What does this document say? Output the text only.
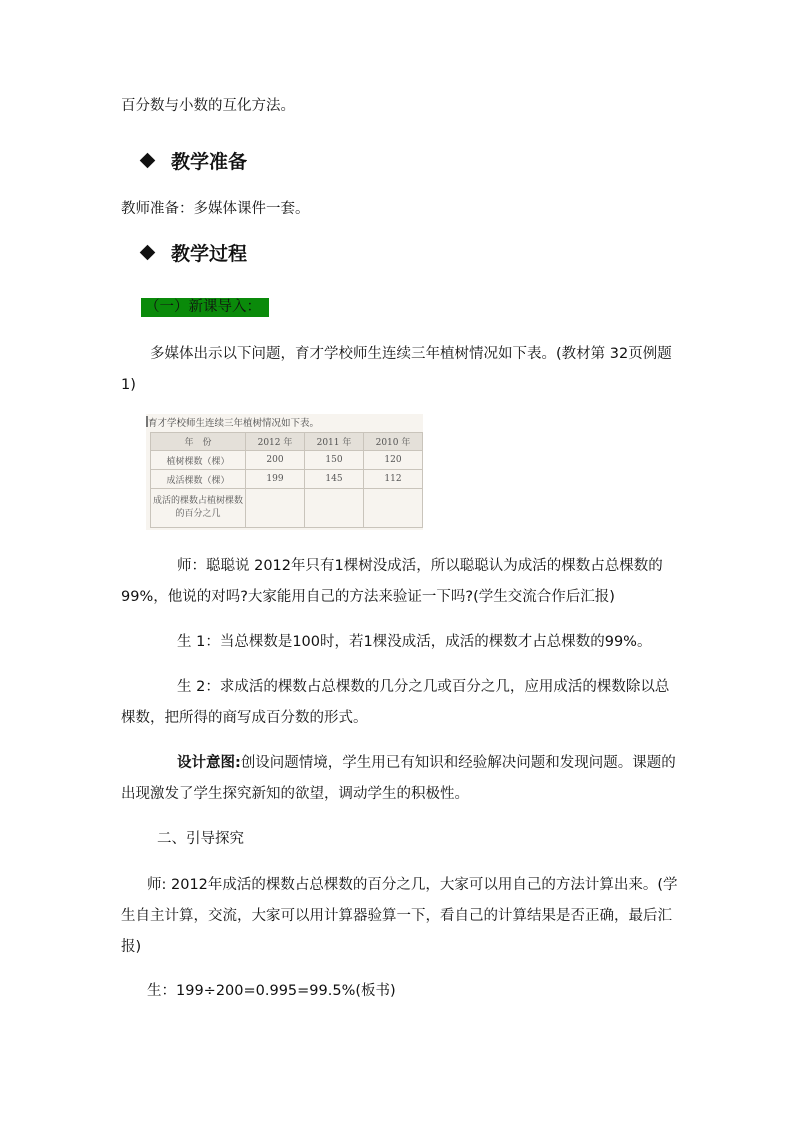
百分数与小数的互化方法。

教学准备

教师准备：多媒体课件一套。

教学过程
（一）新课导入：

多媒体出示以下问题，育才学校师生连续三年植树情况如下表。(教材第 32页例题1)

育才学校师生连续三年植树情况如下表。
年　份	2012 年	2011 年	2010 年
植树棵数（棵）	200	150	120
成活棵数（棵）	199	145	112
成活的棵数占植树棵数的百分之几			

师：聪聪说 2012年只有1棵树没成活，所以聪聪认为成活的棵数占总棵数的 99%，他说的对吗?大家能用自己的方法来验证一下吗?(学生交流合作后汇报)

生 1：当总棵数是100时，若1棵没成活，成活的棵数才占总棵数的99%。

生 2：求成活的棵数占总棵数的几分之几或百分之几，应用成活的棵数除以总棵数，把所得的商写成百分数的形式。

设计意图:创设问题情境，学生用已有知识和经验解决问题和发现问题。课题的出现激发了学生探究新知的欲望，调动学生的积极性。

二、引导探究

师: 2012年成活的棵数占总棵数的百分之几，大家可以用自己的方法计算出来。(学生自主计算，交流，大家可以用计算器验算一下，看自己的计算结果是否正确，最后汇报)

生：199÷200=0.995=99.5%(板书)
